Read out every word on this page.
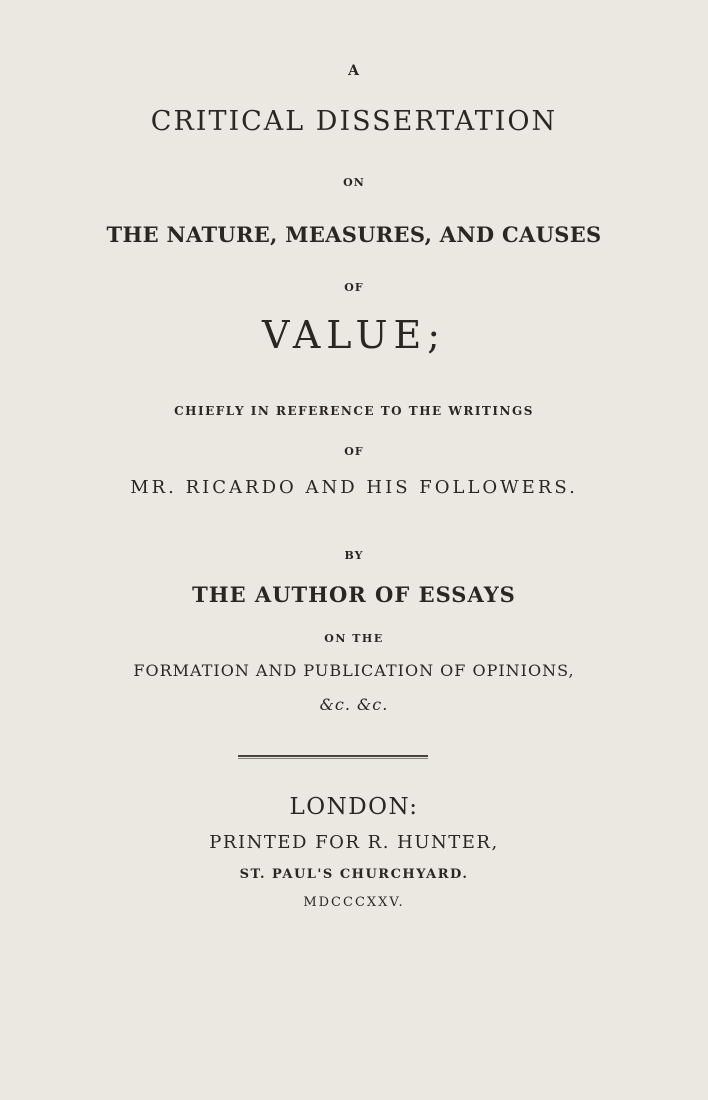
A
CRITICAL DISSERTATION
ON
THE NATURE, MEASURES, AND CAUSES
OF
VALUE;
CHIEFLY IN REFERENCE TO THE WRITINGS
OF
MR. RICARDO AND HIS FOLLOWERS.
BY
THE AUTHOR OF ESSAYS
ON THE
FORMATION AND PUBLICATION OF OPINIONS,
&c. &c.
LONDON:
PRINTED FOR R. HUNTER,
ST. PAUL'S CHURCHYARD.
MDCCCXXV.
